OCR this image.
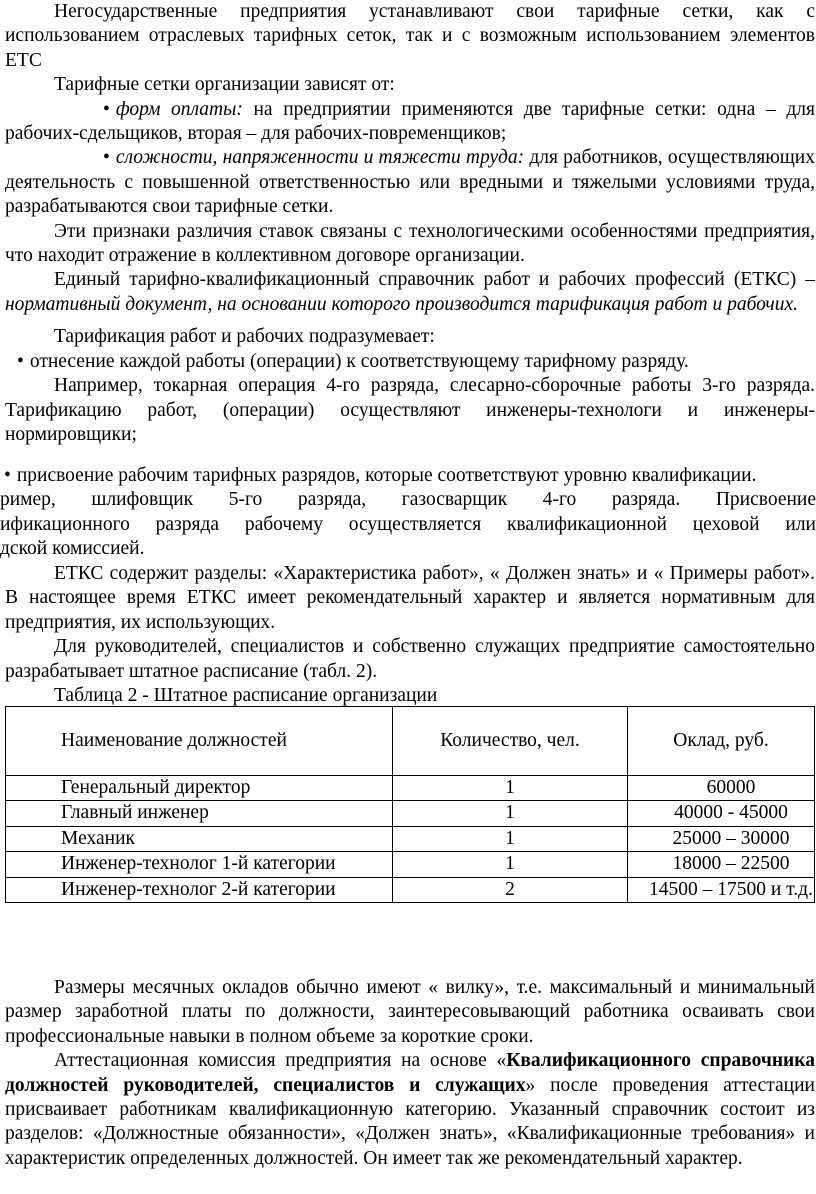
Негосударственные предприятия устанавливают свои тарифные сетки, как с использованием отраслевых тарифных сеток, так и с возможным использованием элементов ЕТС

Тарифные сетки организации зависят от:

• форм оплаты: на предприятии применяются две тарифные сетки: одна – для рабочих-сдельщиков, вторая – для рабочих-повременщиков;

• сложности, напряженности и тяжести труда: для работников, осуществляющих деятельность с повышенной ответственностью или вредными и тяжелыми условиями труда, разрабатываются свои тарифные сетки.

Эти признаки различия ставок связаны с технологическими особенностями предприятия, что находит отражение в коллективном договоре организации.

Единый тарифно-квалификационный справочник работ и рабочих профессий (ЕТКС) – нормативный документ, на основании которого производится тарификация работ и рабочих.

Тарификация работ и рабочих подразумевает:

• отнесение каждой работы (операции) к соответствующему тарифному разряду.

Например, токарная операция 4-го разряда, слесарно-сборочные работы 3-го разряда. Тарификацию работ, (операции) осуществляют инженеры-технологи и инженеры-нормировщики;

• присвоение рабочим тарифных разрядов, которые соответствуют уровню квалификации.

ример, шлифовщик 5-го разряда, газосварщик 4-го разряда. Присвоение

ификационного разряда рабочему осуществляется квалификационной цеховой или

дской комиссией.

ЕТКС содержит разделы: «Характеристика работ», « Должен знать» и « Примеры работ». В настоящее время ЕТКС имеет рекомендательный характер и является нормативным для предприятия, их использующих.

Для руководителей, специалистов и собственно служащих предприятие самостоятельно разрабатывает штатное расписание (табл. 2).

Таблица 2 - Штатное расписание организации

Наименование должностей	Количество, чел.	Оклад, руб.

Генеральный директор	1	60000

Главный инженер	1	40000 - 45000

Механик	1	25000 – 30000

Инженер-технолог 1-й категории	1	18000 – 22500

Инженер-технолог 2-й категории	2	14500 – 17500 и т.д.

Размеры месячных окладов обычно имеют « вилку», т.е. максимальный и минимальный размер заработной платы по должности, заинтересовывающий работника осваивать свои профессиональные навыки в полном объеме за короткие сроки.

Аттестационная комиссия предприятия на основе «Квалификационного справочника должностей руководителей, специалистов и служащих» после проведения аттестации присваивает работникам квалификационную категорию. Указанный справочник состоит из разделов: «Должностные обязанности», «Должен знать», «Квалификационные требования» и характеристик определенных должностей. Он имеет так же рекомендательный характер.
